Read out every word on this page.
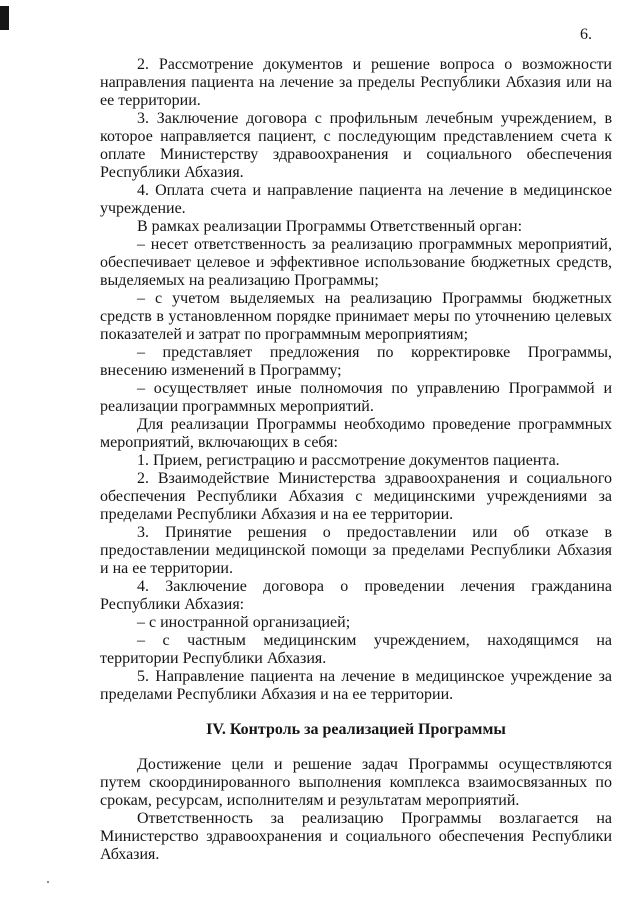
6.

2. Рассмотрение документов и решение вопроса о возможности направления пациента на лечение за пределы Республики Абхазия или на ее территории.

3. Заключение договора с профильным лечебным учреждением, в которое направляется пациент, с последующим представлением счета к оплате Министерству здравоохранения и социального обеспечения Республики Абхазия.

4. Оплата счета и направление пациента на лечение в медицинское учреждение.

В рамках реализации Программы Ответственный орган:

– несет ответственность за реализацию программных мероприятий, обеспечивает целевое и эффективное использование бюджетных средств, выделяемых на реализацию Программы;

– с учетом выделяемых на реализацию Программы бюджетных средств в установленном порядке принимает меры по уточнению целевых показателей и затрат по программным мероприятиям;

– представляет предложения по корректировке Программы, внесению изменений в Программу;

– осуществляет иные полномочия по управлению Программой и реализации программных мероприятий.

Для реализации Программы необходимо проведение программных мероприятий, включающих в себя:

1. Прием, регистрацию и рассмотрение документов пациента.

2. Взаимодействие Министерства здравоохранения и социального обеспечения Республики Абхазия с медицинскими учреждениями за пределами Республики Абхазия и на ее территории.

3. Принятие решения о предоставлении или об отказе в предоставлении медицинской помощи за пределами Республики Абхазия и на ее территории.

4. Заключение договора о проведении лечения гражданина Республики Абхазия:

– с иностранной организацией;

– с частным медицинским учреждением, находящимся на территории Республики Абхазия.

5. Направление пациента на лечение в медицинское учреждение за пределами Республики Абхазия и на ее территории.

IV. Контроль за реализацией Программы

Достижение цели и решение задач Программы осуществляются путем скоординированного выполнения комплекса взаимосвязанных по срокам, ресурсам, исполнителям и результатам мероприятий.

Ответственность за реализацию Программы возлагается на Министерство здравоохранения и социального обеспечения Республики Абхазия.
